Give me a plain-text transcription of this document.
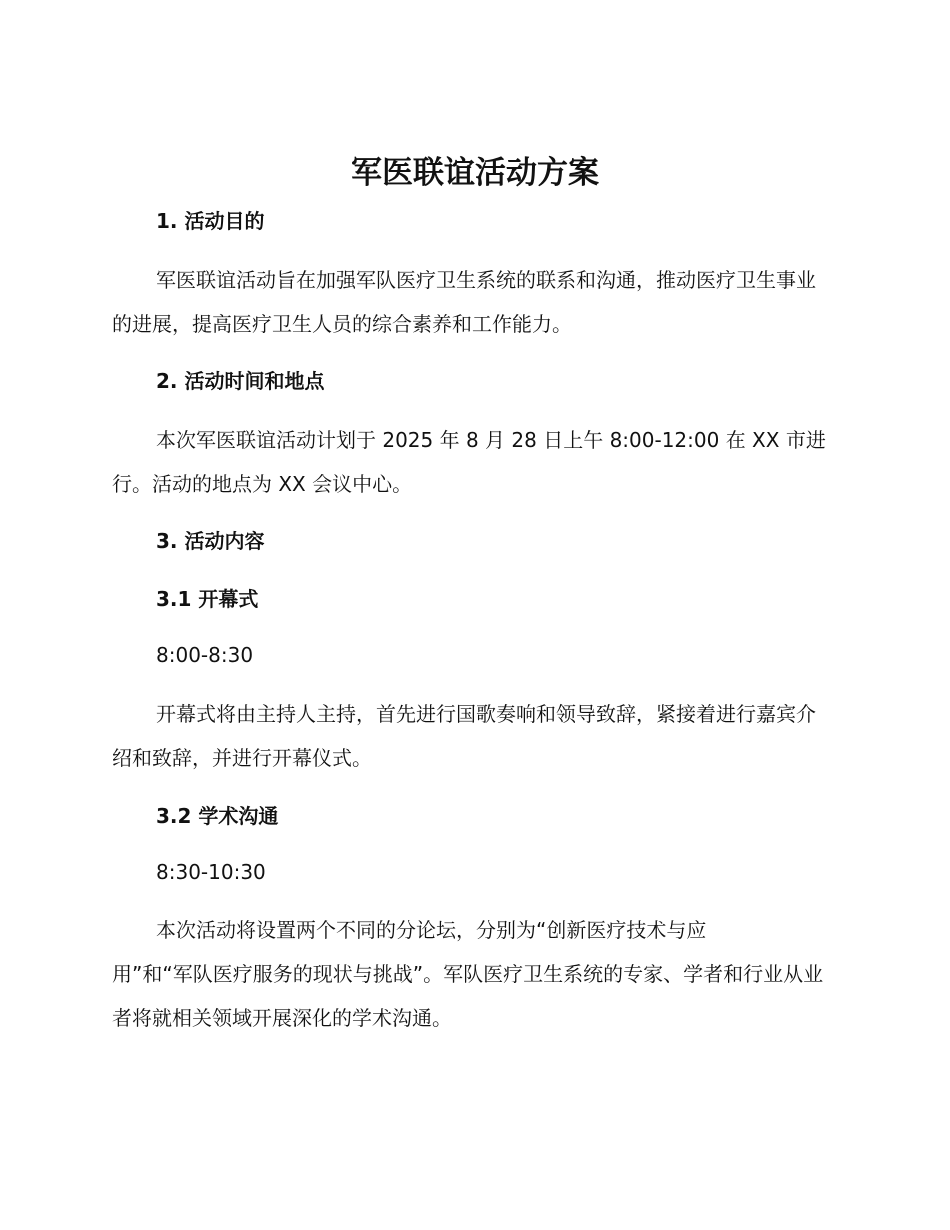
军医联谊活动方案
1. 活动目的

军医联谊活动旨在加强军队医疗卫生系统的联系和沟通，推动医疗卫生事业的进展，提高医疗卫生人员的综合素养和工作能力。

2. 活动时间和地点

本次军医联谊活动计划于 2025 年 8 月 28 日上午 8:00-12:00 在 XX 市进行。活动的地点为 XX 会议中心。

3. 活动内容
3.1 开幕式
8:00-8:30

开幕式将由主持人主持，首先进行国歌奏响和领导致辞，紧接着进行嘉宾介绍和致辞，并进行开幕仪式。

3.2 学术沟通
8:30-10:30

本次活动将设置两个不同的分论坛，分别为“创新医疗技术与应
用”和“军队医疗服务的现状与挑战”。军队医疗卫生系统的专家、学者和行业从业者将就相关领域开展深化的学术沟通。
